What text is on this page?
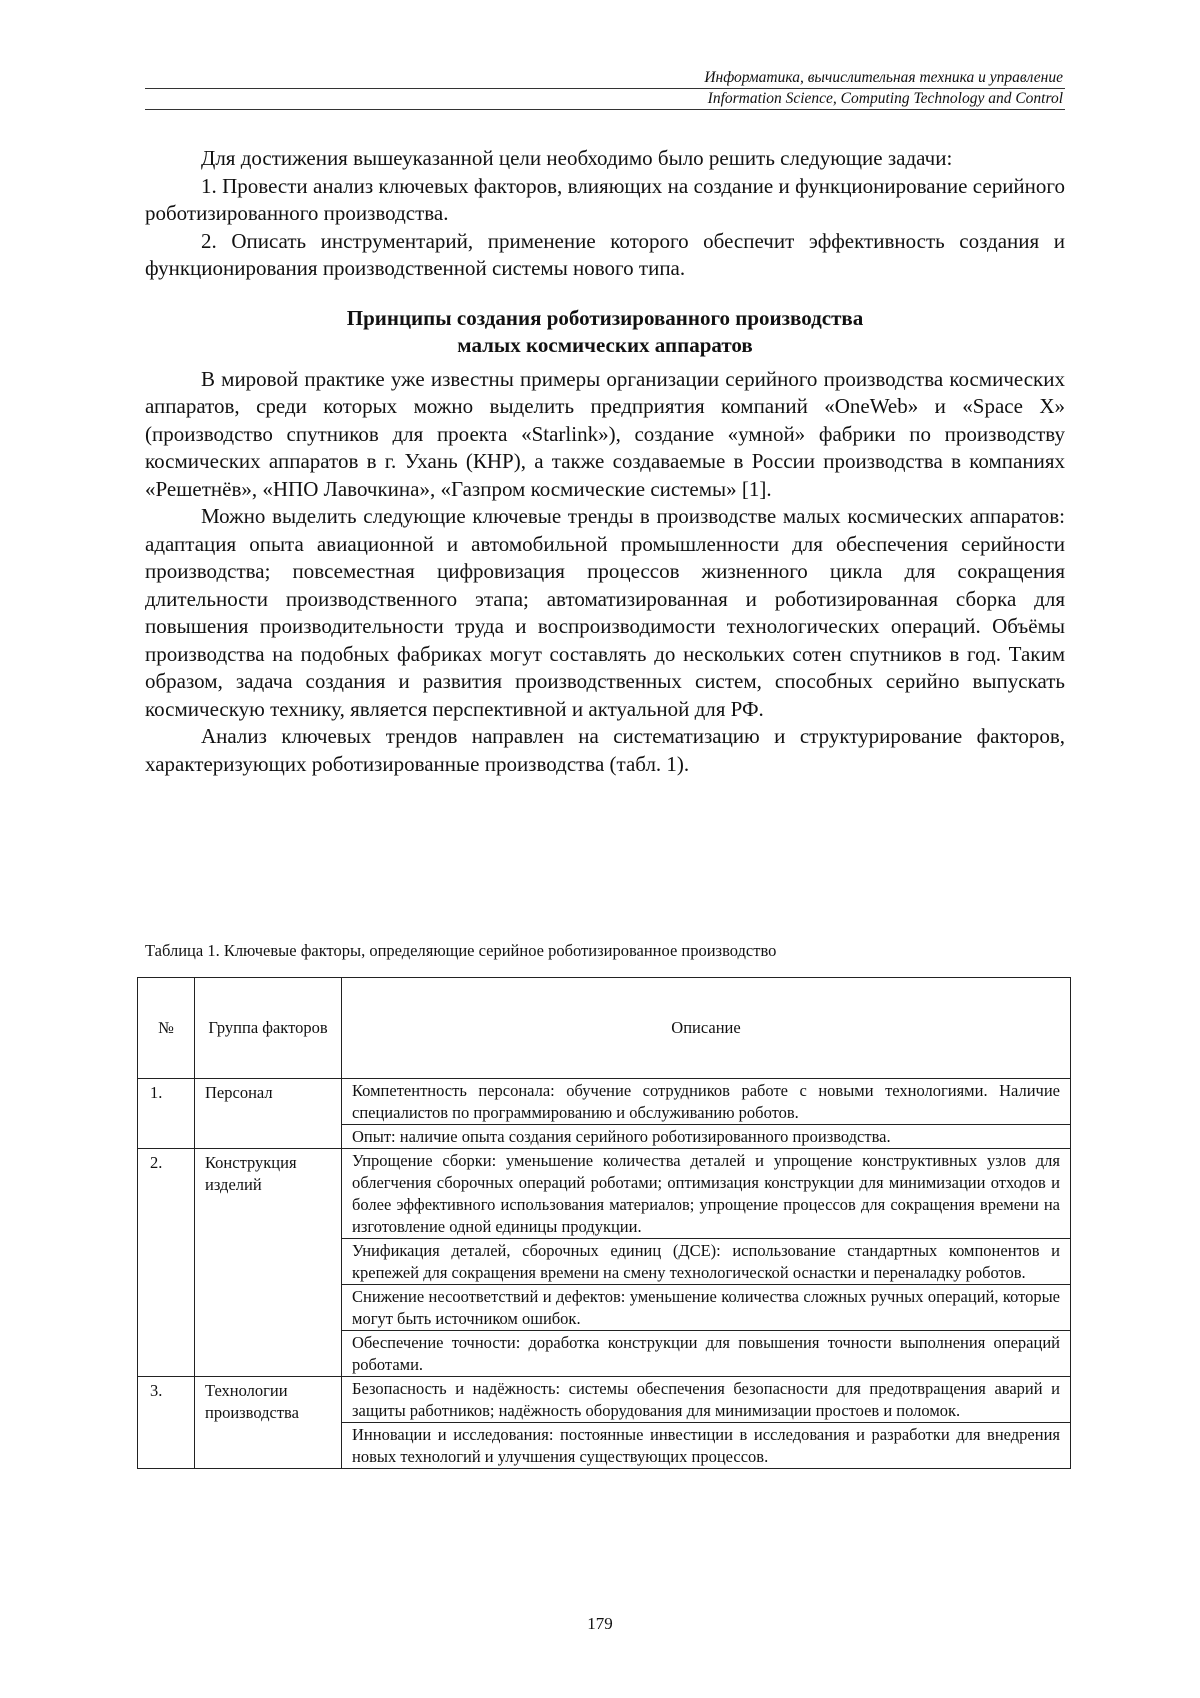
Информатика, вычислительная техника и управление
Information Science, Computing Technology and Control

Для достижения вышеуказанной цели необходимо было решить следующие задачи:

1. Провести анализ ключевых факторов, влияющих на создание и функционирование серийного роботизированного производства.

2. Описать инструментарий, применение которого обеспечит эффективность создания и функционирования производственной системы нового типа.

Принципы создания роботизированного производства
малых космических аппаратов

В мировой практике уже известны примеры организации серийного производства космических аппаратов, среди которых можно выделить предприятия компаний «OneWeb» и «Space X» (производство спутников для проекта «Starlink»), создание «умной» фабрики по производству космических аппаратов в г. Ухань (КНР), а также создаваемые в России производства в компаниях «Решетнёв», «НПО Лавочкина», «Газпром космические системы» [1].

Можно выделить следующие ключевые тренды в производстве малых космических аппаратов: адаптация опыта авиационной и автомобильной промышленности для обеспечения серийности производства; повсеместная цифровизация процессов жизненного цикла для сокращения длительности производственного этапа; автоматизированная и роботизированная сборка для повышения производительности труда и воспроизводимости технологических операций. Объёмы производства на подобных фабриках могут составлять до нескольких сотен спутников в год. Таким образом, задача создания и развития производственных систем, способных серийно выпускать космическую технику, является перспективной и актуальной для РФ.

Анализ ключевых трендов направлен на систематизацию и структурирование факторов, характеризующих роботизированные производства (табл. 1).

Таблица 1. Ключевые факторы, определяющие серийное роботизированное производство
№	Группа факторов	Описание
1.	Персонал	Компетентность персонала: обучение сотрудников работе с новыми технологиями. Наличие специалистов по программированию и обслуживанию роботов.
		Опыт: наличие опыта создания серийного роботизированного производства.
2.	Конструкция изделий	Упрощение сборки: уменьшение количества деталей и упрощение конструктивных узлов для облегчения сборочных операций роботами; оптимизация конструкции для минимизации отходов и более эффективного использования материалов; упрощение процессов для сокращения времени на изготовление одной единицы продукции.
		Унификация деталей, сборочных единиц (ДСЕ): использование стандартных компонентов и крепежей для сокращения времени на смену технологической оснастки и переналадку роботов.
		Снижение несоответствий и дефектов: уменьшение количества сложных ручных операций, которые могут быть источником ошибок.
		Обеспечение точности: доработка конструкции для повышения точности выполнения операций роботами.
3.	Технологии производства	Безопасность и надёжность: системы обеспечения безопасности для предотвращения аварий и защиты работников; надёжность оборудования для минимизации простоев и поломок.
		Инновации и исследования: постоянные инвестиции в исследования и разработки для внедрения новых технологий и улучшения существующих процессов.
179
